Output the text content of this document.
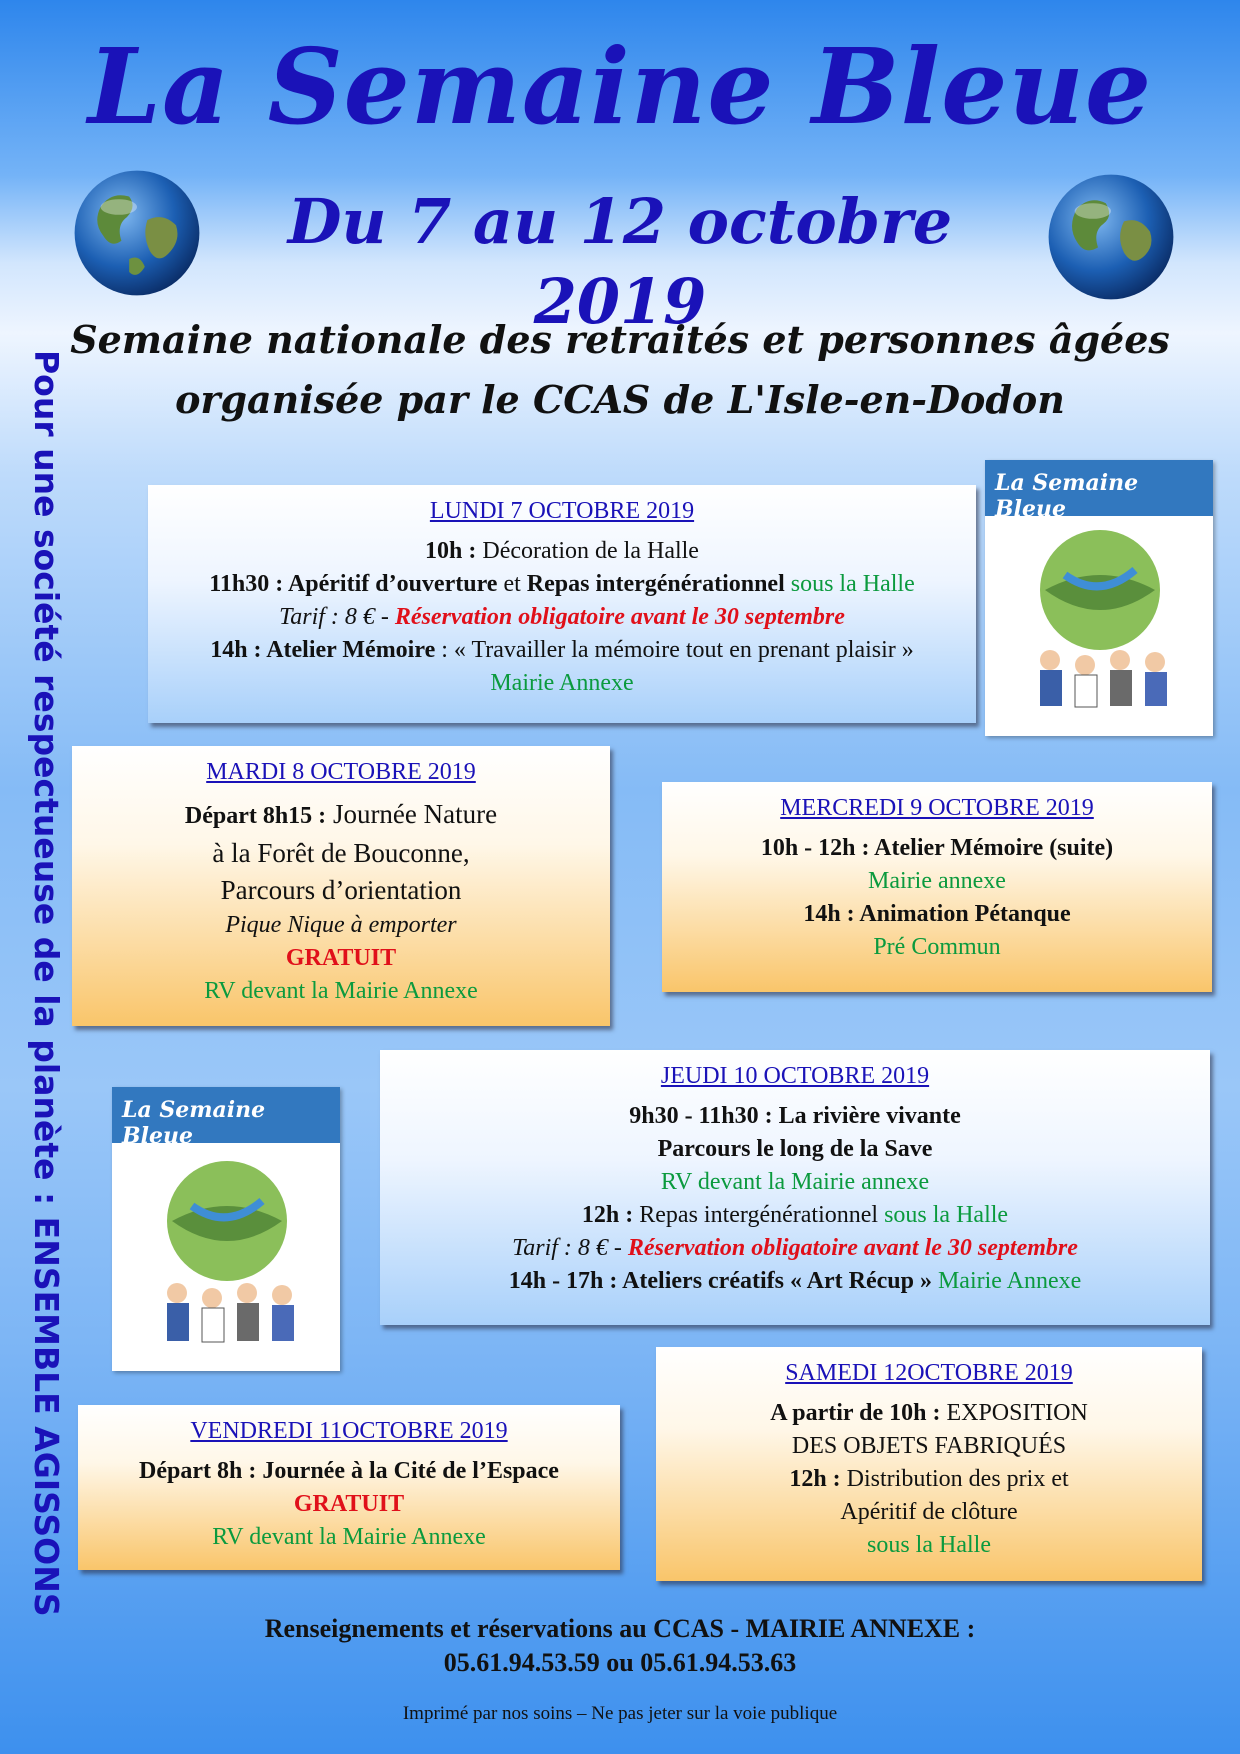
La Semaine Bleue
Du 7 au 12 octobre 2019
Semaine nationale des retraités et personnes âgées
organisée par le CCAS de L'Isle-en-Dodon
Pour une société respectueuse de la planète : ENSEMBLE AGISSONS	La Semaine Bleue
LUNDI 7 OCTOBRE 2019
10h : Décoration de la Halle
11h30 : Apéritif d’ouverture et Repas intergénérationnel sous la Halle
Tarif : 8 € - Réservation obligatoire avant le 30 septembre
14h : Atelier Mémoire : « Travailler la mémoire tout en prenant plaisir »
Mairie Annexe
MARDI 8 OCTOBRE 2019
Départ 8h15 : Journée Nature
à la Forêt de Bouconne,
Parcours d’orientation
Pique Nique à emporter
GRATUIT
RV devant la Mairie Annexe
MERCREDI 9 OCTOBRE 2019
10h - 12h : Atelier Mémoire (suite)
Mairie annexe
14h : Animation Pétanque
Pré Commun
La Semaine Bleue
JEUDI 10 OCTOBRE 2019
9h30 - 11h30 : La rivière vivante
Parcours le long de la Save
RV devant la Mairie annexe
12h : Repas intergénérationnel sous la Halle
Tarif : 8 € - Réservation obligatoire avant le 30 septembre
14h - 17h : Ateliers créatifs « Art Récup » Mairie Annexe
VENDREDI 11OCTOBRE 2019
Départ 8h : Journée à la Cité de l’Espace
GRATUIT
RV devant la Mairie Annexe
SAMEDI 12OCTOBRE 2019
A partir de 10h : EXPOSITION
DES OBJETS FABRIQUÉS
12h : Distribution des prix et
Apéritif de clôture
sous la Halle
Renseignements et réservations au CCAS - MAIRIE ANNEXE :
05.61.94.53.59 ou 05.61.94.53.63
Imprimé par nos soins – Ne pas jeter sur la voie publique
